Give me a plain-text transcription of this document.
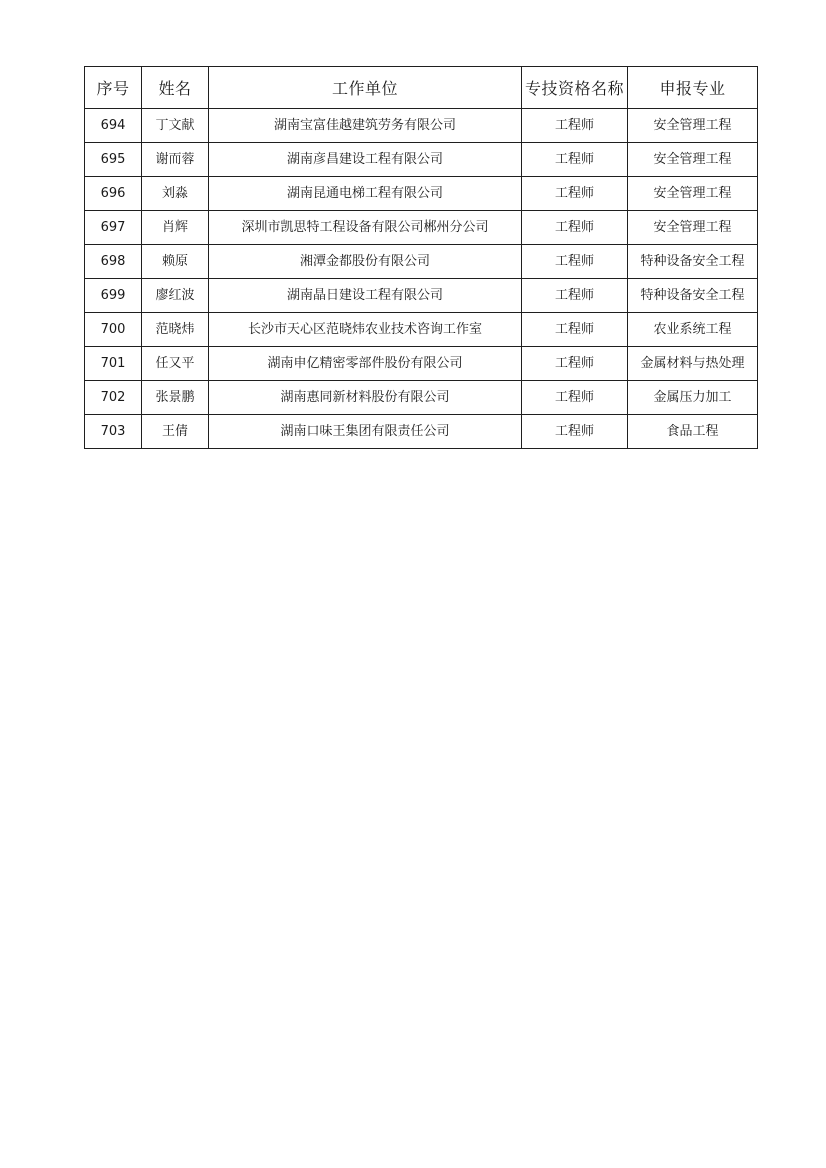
序号	姓名	工作单位	专技资格名称	申报专业
694	丁文献	湖南宝富佳越建筑劳务有限公司	工程师	安全管理工程
695	谢而蓉	湖南彦昌建设工程有限公司	工程师	安全管理工程
696	刘淼	湖南昆通电梯工程有限公司	工程师	安全管理工程
697	肖辉	深圳市凯思特工程设备有限公司郴州分公司	工程师	安全管理工程
698	赖原	湘潭金都股份有限公司	工程师	特种设备安全工程
699	廖红波	湖南晶日建设工程有限公司	工程师	特种设备安全工程
700	范晓炜	长沙市天心区范晓炜农业技术咨询工作室	工程师	农业系统工程
701	任又平	湖南申亿精密零部件股份有限公司	工程师	金属材料与热处理
702	张景鹏	湖南惠同新材料股份有限公司	工程师	金属压力加工
703	王倩	湖南口味王集团有限责任公司	工程师	食品工程
